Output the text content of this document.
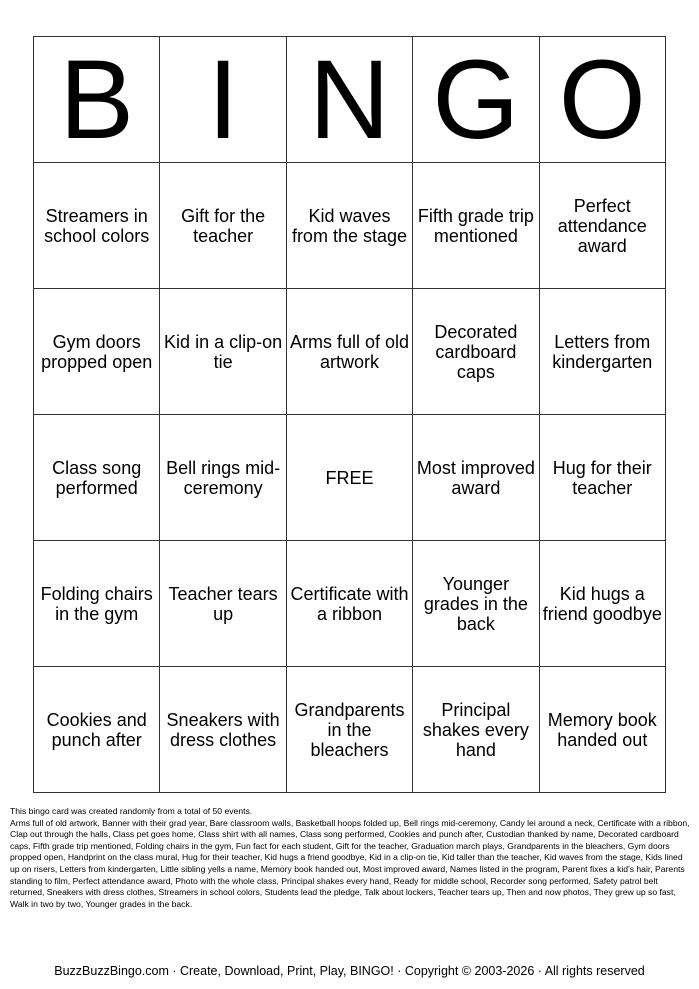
B	I	N	G	O
Streamers in school colors	Gift for the teacher	Kid waves from the stage	Fifth grade trip mentioned	Perfect attendance award
Gym doors propped open	Kid in a clip-on tie	Arms full of old artwork	Decorated cardboard caps	Letters from kindergarten
Class song performed	Bell rings mid-ceremony	FREE	Most improved award	Hug for their teacher
Folding chairs in the gym	Teacher tears up	Certificate with a ribbon	Younger grades in the back	Kid hugs a friend goodbye
Cookies and punch after	Sneakers with dress clothes	Grandparents in the bleachers	Principal shakes every hand	Memory book handed out

This bingo card was created randomly from a total of 50 events.

Arms full of old artwork, Banner with their grad year, Bare classroom walls, Basketball hoops folded up, Bell rings mid-ceremony, Candy lei around a neck, Certificate with a ribbon, Clap out through the halls, Class pet goes home, Class shirt with all names, Class song performed, Cookies and punch after, Custodian thanked by name, Decorated cardboard caps, Fifth grade trip mentioned, Folding chairs in the gym, Fun fact for each student, Gift for the teacher, Graduation march plays, Grandparents in the bleachers, Gym doors propped open, Handprint on the class mural, Hug for their teacher, Kid hugs a friend goodbye, Kid in a clip-on tie, Kid taller than the teacher, Kid waves from the stage, Kids lined up on risers, Letters from kindergarten, Little sibling yells a name, Memory book handed out, Most improved award, Names listed in the program, Parent fixes a kid's hair, Parents standing to film, Perfect attendance award, Photo with the whole class, Principal shakes every hand, Ready for middle school, Recorder song performed, Safety patrol belt returned, Sneakers with dress clothes, Streamers in school colors, Students lead the pledge, Talk about lockers, Teacher tears up, Then and now photos, They grew up so fast, Walk in two by two, Younger grades in the back.

BuzzBuzzBingo.com · Create, Download, Print, Play, BINGO! · Copyright © 2003-2026 · All rights reserved
